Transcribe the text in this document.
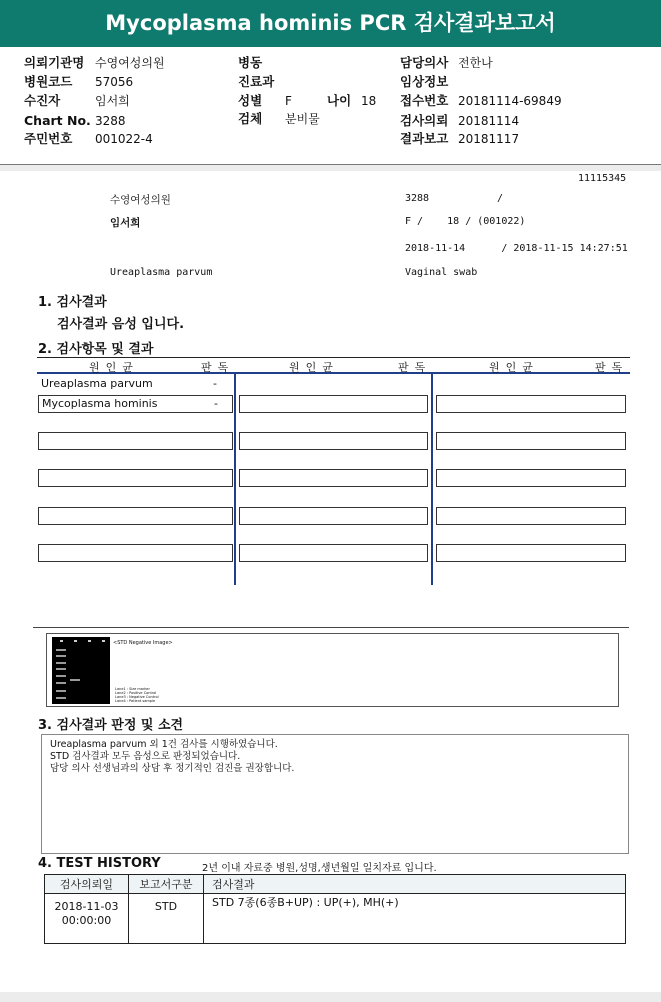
Mycoplasma hominis PCR 검사결과보고서
의뢰기관명 수영여성의원
병원코드 57056
수진자	임서희
Chart No. 3288
주민번호 001022-4
병동
진료과
성별 F	나이 18
검체 분비물
담당의사 전한나
임상정보
접수번호 20181114-69849
검사의뢰 20181114
결과보고 20181117
11115345
수영여성의원	3288	/
임서희	F /    18 / (001022)
2018-11-14      / 2018-11-15 14:27:51
Ureaplasma parvum	Vaginal swab
1. 검사결과
검사결과 음성 입니다.
2. 검사항목 및 결과
원인균	판독	원인균	판독	원인균	판독
Ureaplasma parvum	-
Mycoplasma hominis	-
<STD Negative Image>
Lane1 : Size marker
Lane2 : Positive Control
Lane3 : Negative Control
Lane4 : Patient sample
3. 검사결과 판정 및 소견
Ureaplasma parvum 외 1건 검사를 시행하였습니다.
STD 검사결과 모두 음성으로 판정되었습니다.
담당 의사 선생님과의 상담 후 정기적인 검진을 권장합니다.
4. TEST HISTORY	2년 이내 자료중 병원,성명,생년월일 일치자료 입니다.
검사의뢰일	보고서구분	검사결과

2018-11-03
00:00:00	STD	STD 7종(6종B+UP) : UP(+), MH(+)
